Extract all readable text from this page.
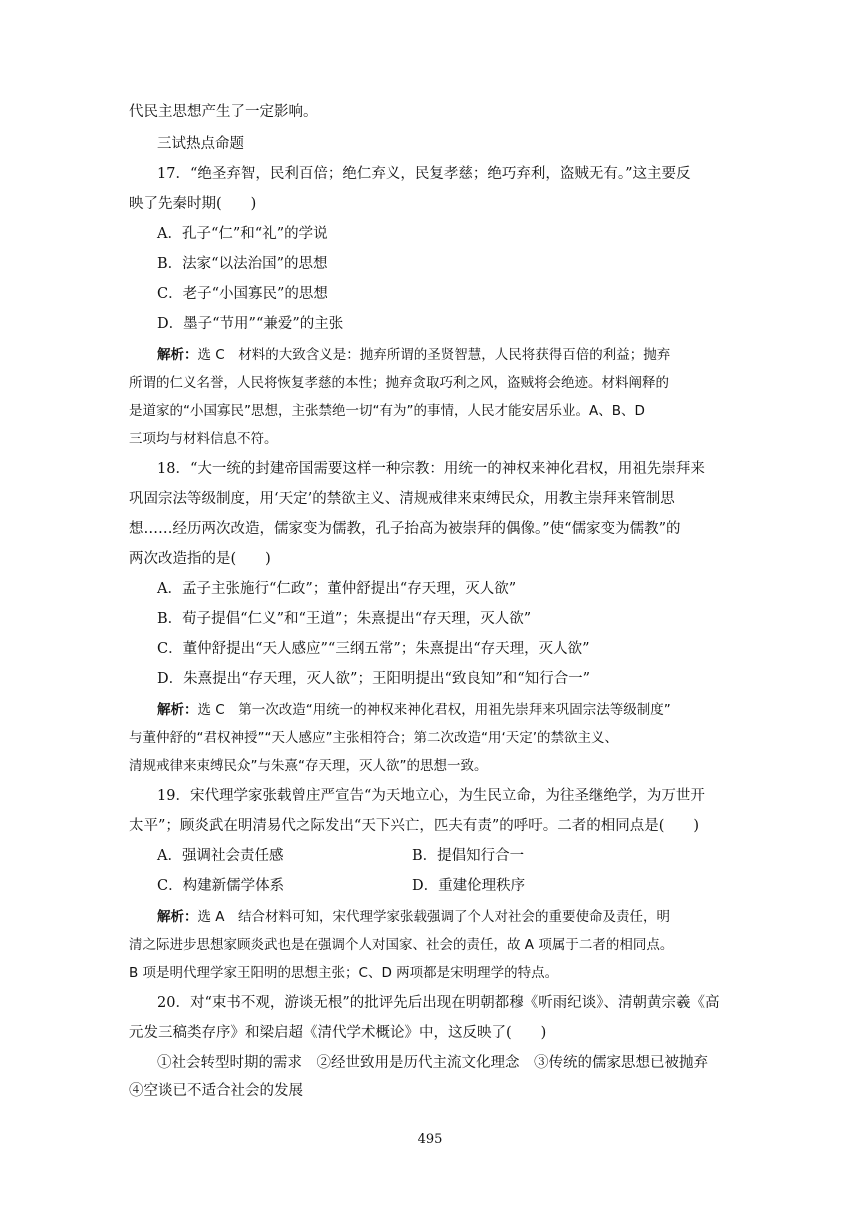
代民主思想产生了一定影响。
三试热点命题
17．“绝圣弃智，民利百倍；绝仁弃义，民复孝慈；绝巧弃利，盗贼无有。”这主要反
映了先秦时期(　　)
A．孔子“仁”和“礼”的学说
B．法家“以法治国”的思想
C．老子“小国寡民”的思想
D．墨子“节用”“兼爱”的主张
解析：选 C　材料的大致含义是：抛弃所谓的圣贤智慧，人民将获得百倍的利益；抛弃
所谓的仁义名誉，人民将恢复孝慈的本性；抛弃贪取巧利之风，盗贼将会绝迹。材料阐释的
是道家的“小国寡民”思想，主张禁绝一切“有为”的事情，人民才能安居乐业。A、B、D
三项均与材料信息不符。
18．“大一统的封建帝国需要这样一种宗教：用统一的神权来神化君权，用祖先崇拜来
巩固宗法等级制度，用‘天定’的禁欲主义、清规戒律来束缚民众，用教主崇拜来管制思
想……经历两次改造，儒家变为儒教，孔子抬高为被崇拜的偶像。”使“儒家变为儒教”的
两次改造指的是(　　)
A．孟子主张施行“仁政”；董仲舒提出“存天理，灭人欲”
B．荀子提倡“仁义”和“王道”；朱熹提出“存天理，灭人欲”
C．董仲舒提出“天人感应”“三纲五常”；朱熹提出“存天理，灭人欲”
D．朱熹提出“存天理，灭人欲”；王阳明提出“致良知”和“知行合一”
解析：选 C　第一次改造“用统一的神权来神化君权，用祖先崇拜来巩固宗法等级制度”
与董仲舒的“君权神授”“天人感应”主张相符合；第二次改造“用‘天定’的禁欲主义、
清规戒律来束缚民众”与朱熹“存天理，灭人欲”的思想一致。
19．宋代理学家张载曾庄严宣告“为天地立心，为生民立命，为往圣继绝学，为万世开
太平”；顾炎武在明清易代之际发出“天下兴亡，匹夫有责”的呼吁。二者的相同点是(　　)
A．强调社会责任感	B．提倡知行合一
C．构建新儒学体系	D．重建伦理秩序
解析：选 A　结合材料可知，宋代理学家张载强调了个人对社会的重要使命及责任，明
清之际进步思想家顾炎武也是在强调个人对国家、社会的责任，故 A 项属于二者的相同点。
B 项是明代理学家王阳明的思想主张；C、D 两项都是宋明理学的特点。
20．对“束书不观，游谈无根”的批评先后出现在明朝都穆《听雨纪谈》、清朝黄宗羲《高
元发三稿类存序》和梁启超《清代学术概论》中，这反映了(　　)
①社会转型时期的需求　②经世致用是历代主流文化理念　③传统的儒家思想已被抛弃
④空谈已不适合社会的发展
495
